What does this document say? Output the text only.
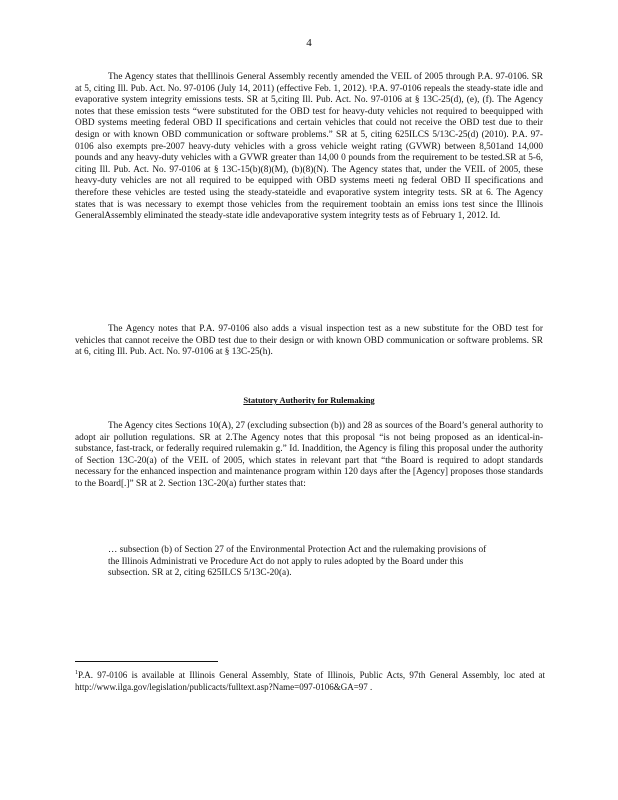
4
The Agency states that theIllinois General Assembly recently amended the VEIL of 2005 through P.A. 97-0106. SR at 5, citing Ill. Pub. Act. No. 97-0106 (July 14, 2011) (effective Feb. 1, 2012). ¹P.A. 97-0106 repeals the steady-state idle and evaporative system integrity emissions tests. SR at 5,citing Ill. Pub. Act. No. 97-0106 at § 13C-25(d), (e), (f). The Agency notes that these emission tests “were substituted for the OBD test for heavy-duty vehicles not required to beequipped with OBD systems meeting federal OBD II specifications and certain vehicles that could not receive the OBD test due to their design or with known OBD communication or software problems.” SR at 5, citing 625ILCS 5/13C-25(d) (2010). P.A. 97-0106 also exempts pre-2007 heavy-duty vehicles with a gross vehicle weight rating (GVWR) between 8,501and 14,000 pounds and any heavy-duty vehicles with a GVWR greater than 14,00 0 pounds from the requirement to be tested.SR at 5-6, citing Ill. Pub. Act. No. 97-0106 at § 13C-15(b)(8)(M), (b)(8)(N). The Agency states that, under the VEIL of 2005, these heavy-duty vehicles are not all required to be equipped with OBD systems meeti ng federal OBD II specifications and therefore these vehicles are tested using the steady-stateidle and evaporative system integrity tests. SR at 6. The Agency states that is was necessary to exempt those vehicles from the requirement toobtain an emiss ions test since the Illinois GeneralAssembly eliminated the steady-state idle andevaporative system integrity tests as of February 1, 2012. Id.
The Agency notes that P.A. 97-0106 also adds a visual inspection test as a new substitute for the OBD test for vehicles that cannot receive the OBD test due to their design or with known OBD communication or software problems. SR at 6, citing Ill. Pub. Act. No. 97-0106 at § 13C-25(h).
Statutory Authority for Rulemaking
The Agency cites Sections 10(A), 27 (excluding subsection (b)) and 28 as sources of the Board’s general authority to adopt air pollution regulations. SR at 2.The Agency notes that this proposal “is not being proposed as an identical-in-substance, fast-track, or federally required rulemakin g.” Id. Inaddition, the Agency is filing this proposal under the authority of Section 13C-20(a) of the VEIL of 2005, which states in relevant part that “the Board is required to adopt standards necessary for the enhanced inspection and maintenance program within 120 days after the [Agency] proposes those standards to the Board[.]” SR at 2. Section 13C-20(a) further states that:
… subsection (b) of Section 27 of the Environmental Protection Act and the rulemaking provisions of the Illinois Administrati ve Procedure Act do not apply to rules adopted by the Board under this subsection. SR at 2, citing 625ILCS 5/13C-20(a).
$^1$P.A. 97-0106 is available at Illinois General Assembly, State of Illinois, Public Acts, 97th General Assembly, loc ated at http://www.ilga.gov/legislation/publicacts/fulltext.asp?Name=097-0106&GA=97 .
